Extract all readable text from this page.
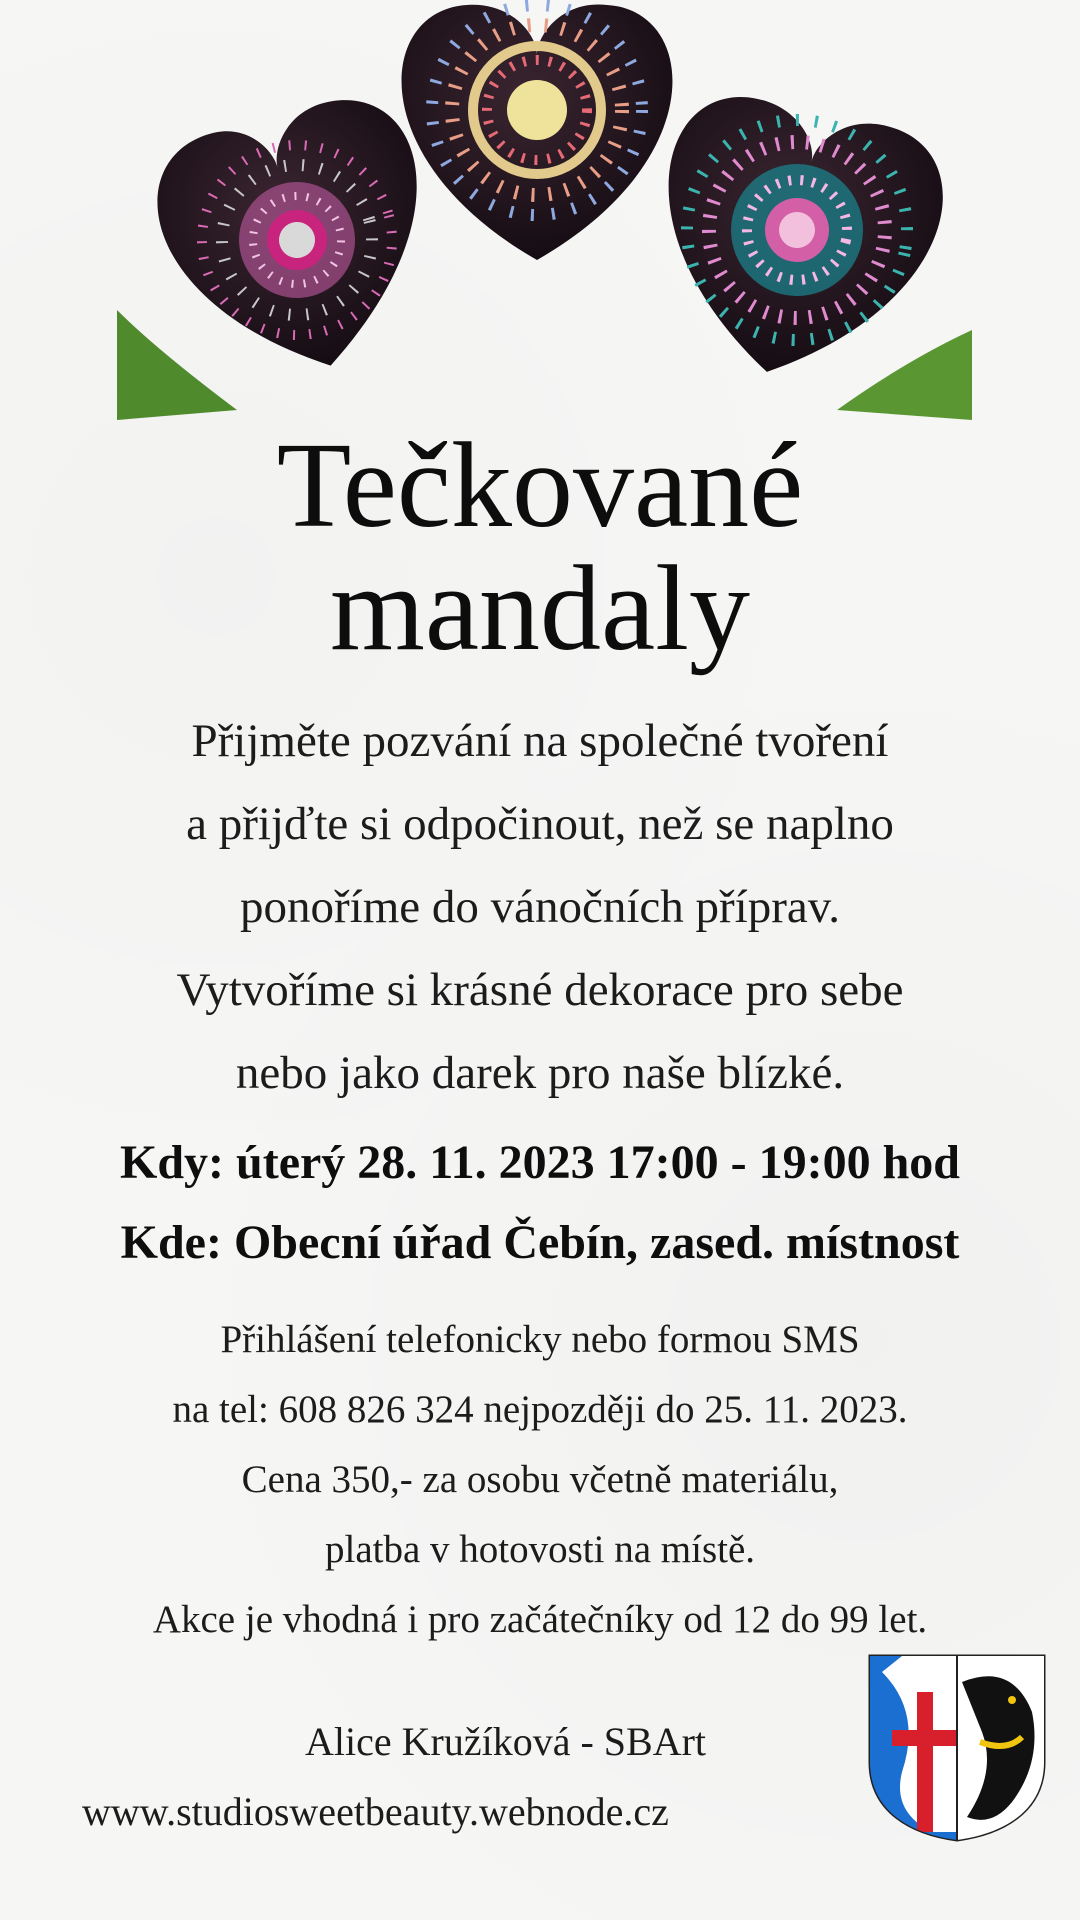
Tečkované
mandaly
Přijměte pozvání na společné tvoření
a přijďte si odpočinout, než se naplno
ponoříme do vánočních příprav.
Vytvoříme si krásné dekorace pro sebe
nebo jako darek pro naše blízké.
Kdy: úterý 28. 11. 2023 17:00 - 19:00 hod
Kde: Obecní úřad Čebín, zased. místnost
Přihlášení telefonicky nebo formou SMS
na tel: 608 826 324 nejpozději do 25. 11. 2023.
Cena 350,- za osobu včetně materiálu,
platba v hotovosti na místě.
Akce je vhodná i pro začátečníky od 12 do 99 let.
Alice Kružíková - SBArt
www.studiosweetbeauty.webnode.cz
